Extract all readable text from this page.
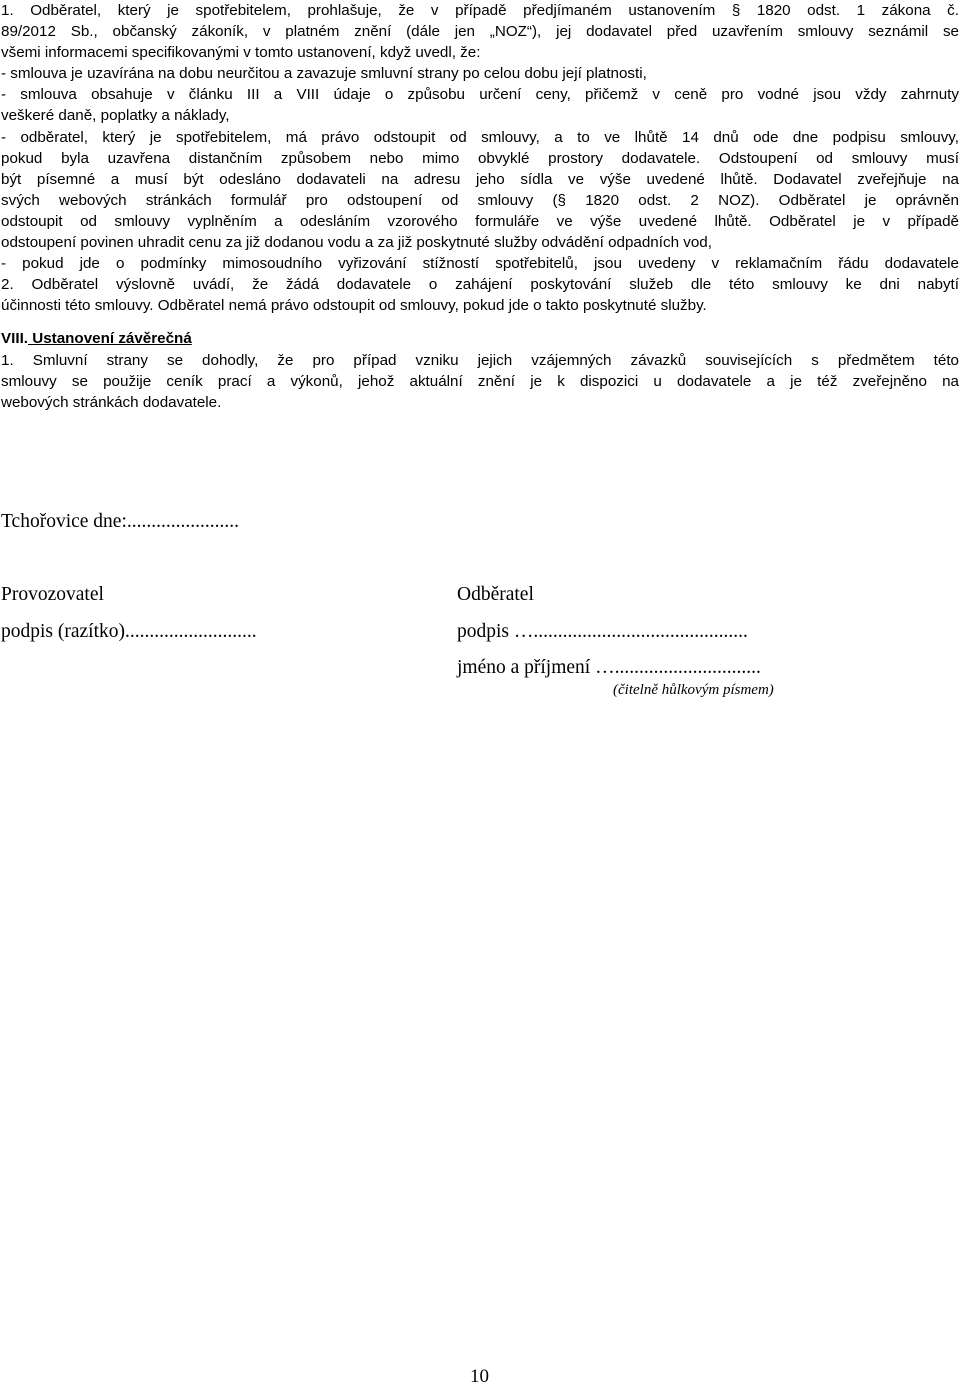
1. Odběratel, který je spotřebitelem, prohlašuje, že v případě předjímaném ustanovením § 1820 odst. 1 zákona č.
89/2012 Sb., občanský zákoník, v platném znění (dále jen „NOZ“), jej dodavatel před uzavřením smlouvy seznámil se
všemi informacemi specifikovanými v tomto ustanovení, když uvedl, že:
- smlouva je uzavírána na dobu neurčitou a zavazuje smluvní strany po celou dobu její platnosti,
- smlouva obsahuje v článku III a VIII údaje o způsobu určení ceny, přičemž v ceně pro vodné jsou vždy zahrnuty
veškeré daně, poplatky a náklady,
- odběratel, který je spotřebitelem, má právo odstoupit od smlouvy, a to ve lhůtě 14 dnů ode dne podpisu smlouvy,
pokud byla uzavřena distančním způsobem nebo mimo obvyklé prostory dodavatele. Odstoupení od smlouvy musí
být písemné a musí být odesláno dodavateli na adresu jeho sídla ve výše uvedené lhůtě. Dodavatel zveřejňuje na
svých webových stránkách formulář pro odstoupení od smlouvy (§ 1820 odst. 2 NOZ). Odběratel je oprávněn
odstoupit od smlouvy vyplněním a odesláním vzorového formuláře ve výše uvedené lhůtě. Odběratel je v případě
odstoupení povinen uhradit cenu za již dodanou vodu a za již poskytnuté služby odvádění odpadních vod,
- pokud jde o podmínky mimosoudního vyřizování stížností spotřebitelů, jsou uvedeny v reklamačním řádu dodavatele
2. Odběratel výslovně uvádí, že žádá dodavatele o zahájení poskytování služeb dle této smlouvy ke dni nabytí
účinnosti této smlouvy. Odběratel nemá právo odstoupit od smlouvy, pokud jde o takto poskytnuté služby.
VIII. Ustanovení závěrečná
1. Smluvní strany se dohodly, že pro případ vzniku jejich vzájemných závazků souvisejících s předmětem této
smlouvy se použije ceník prací a výkonů, jehož aktuální znění je k dispozici u dodavatele a je též zveřejněno na
webových stránkách dodavatele.
Tchořovice dne:.......................
Provozovatel
podpis (razítko)...........................
Odběratel
podpis …............................................
jméno a příjmení …..............................
(čitelně hůlkovým písmem)
10
